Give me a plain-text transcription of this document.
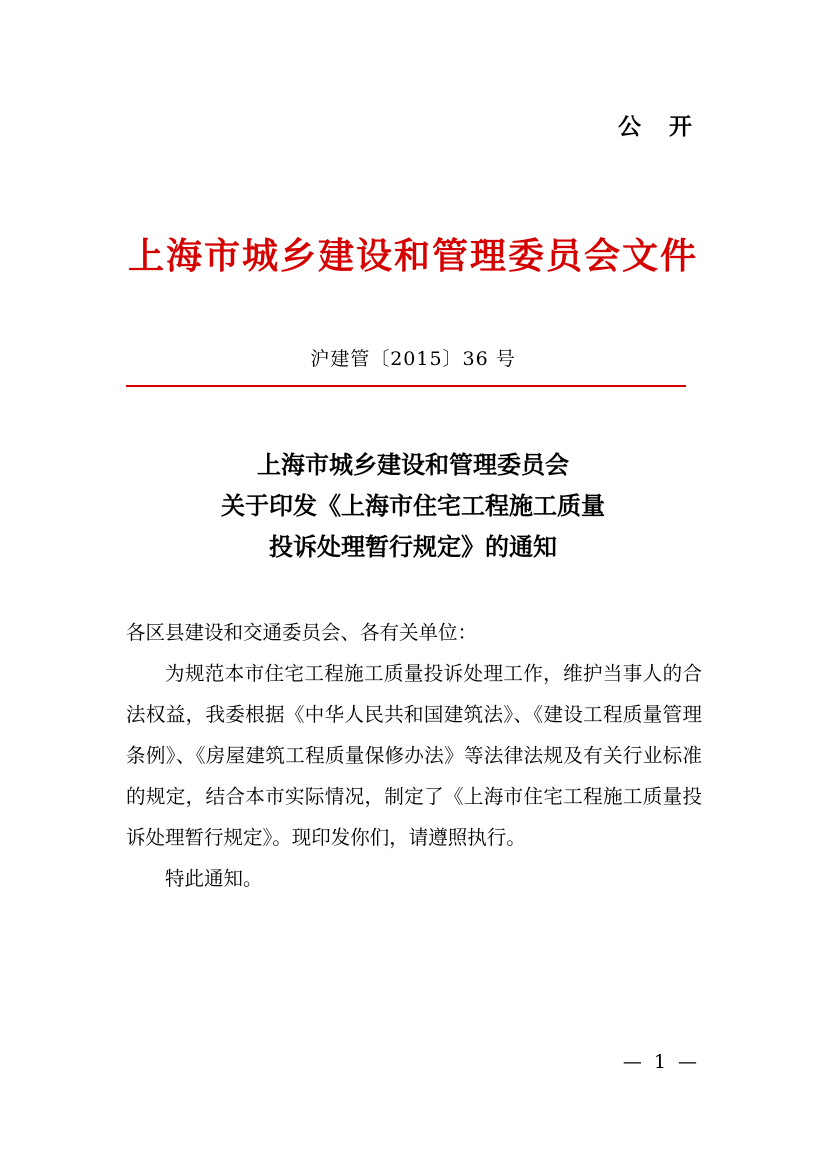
公 开
上海市城乡建设和管理委员会文件
沪建管〔2015〕36 号
上海市城乡建设和管理委员会
关于印发《上海市住宅工程施工质量
投诉处理暂行规定》的通知

各区县建设和交通委员会、各有关单位：

为规范本市住宅工程施工质量投诉处理工作，维护当事人的合法权益，我委根据《中华人民共和国建筑法》、《建设工程质量管理条例》、《房屋建筑工程质量保修办法》等法律法规及有关行业标准的规定，结合本市实际情况，制定了《上海市住宅工程施工质量投诉处理暂行规定》。现印发你们，请遵照执行。

特此通知。

— 1 —
